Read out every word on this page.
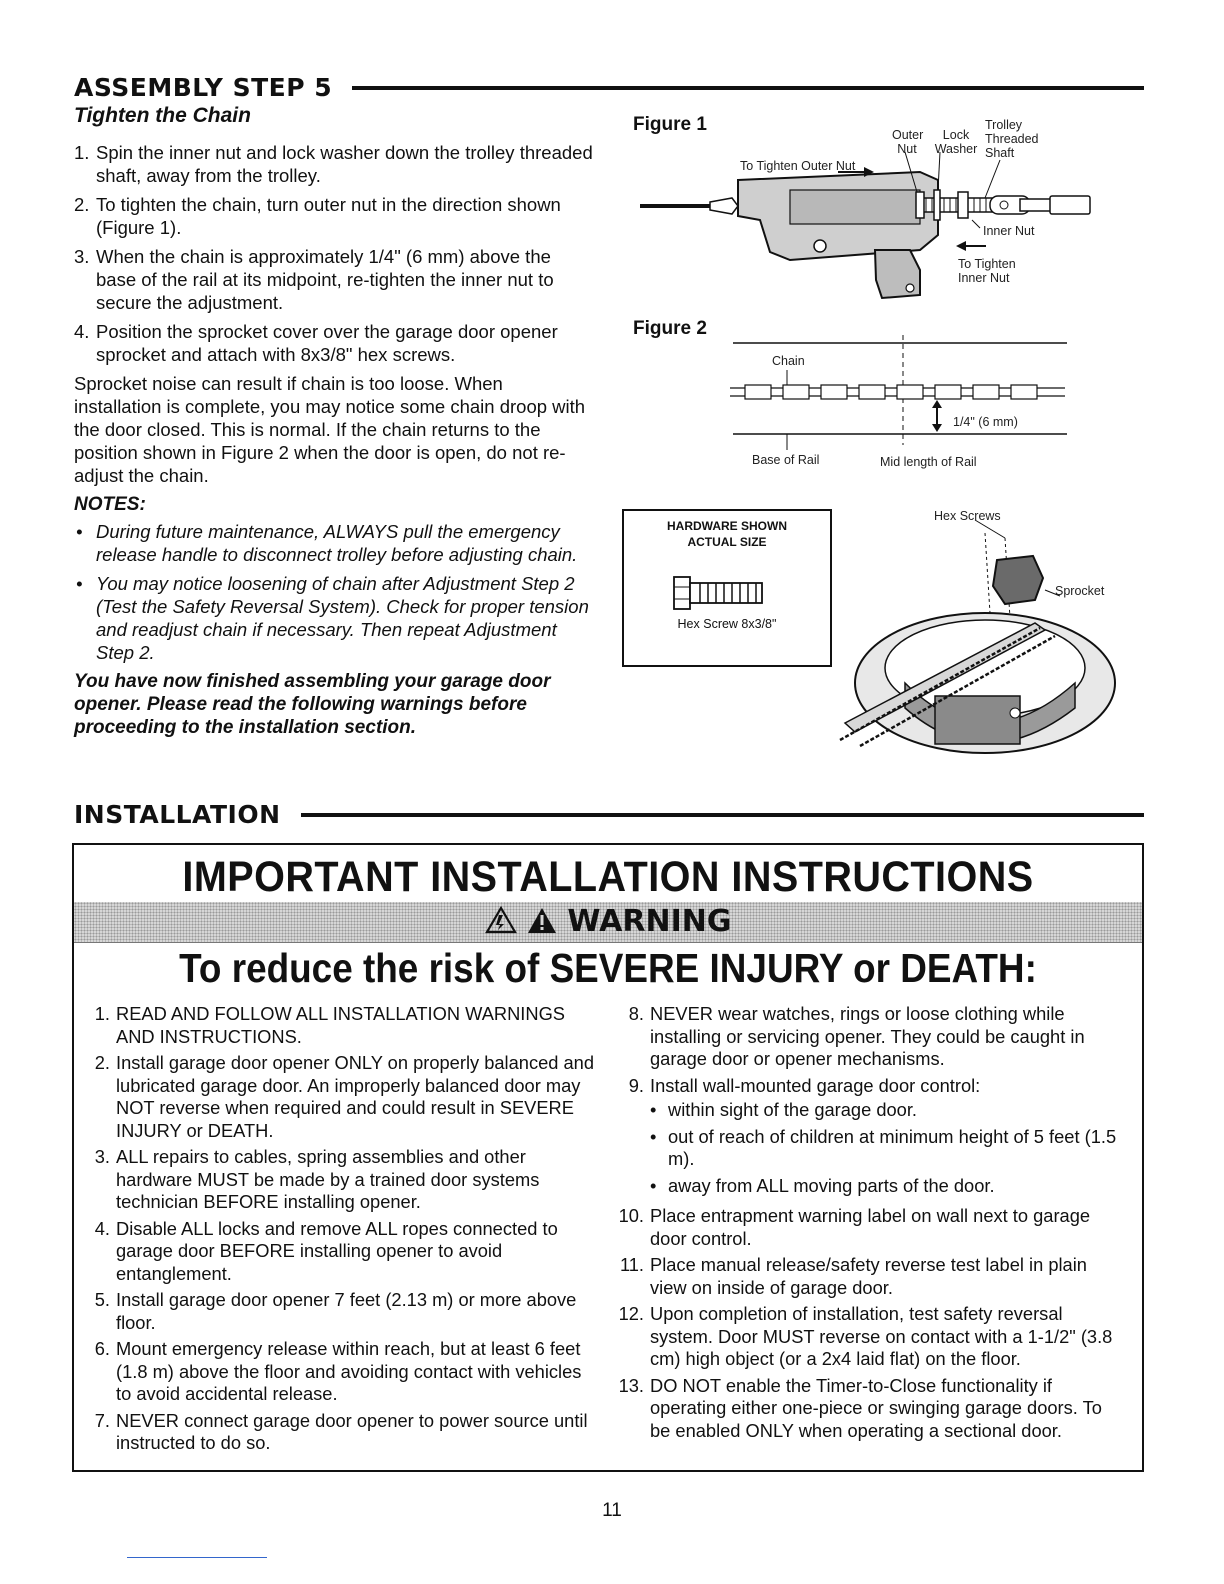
ASSEMBLY STEP 5
Tighten the Chain
1. Spin the inner nut and lock washer down the trolley threaded shaft, away from the trolley.
2. To tighten the chain, turn outer nut in the direction shown (Figure 1).
3. When the chain is approximately 1/4" (6 mm) above the base of the rail at its midpoint, re-tighten the inner nut to secure the adjustment.
4. Position the sprocket cover over the garage door opener sprocket and attach with 8x3/8" hex screws.
Sprocket noise can result if chain is too loose. When installation is complete, you may notice some chain droop with the door closed. This is normal. If the chain returns to the position shown in Figure 2 when the door is open, do not re-adjust the chain.
NOTES:
• During future maintenance, ALWAYS pull the emergency release handle to disconnect trolley before adjusting chain.
• You may notice loosening of chain after Adjustment Step 2 (Test the Safety Reversal System). Check for proper tension and readjust chain if necessary. Then repeat Adjustment Step 2.
You have now finished assembling your garage door opener. Please read the following warnings before proceeding to the installation section.
Figure 1
To Tighten Outer Nut
Outer Nut
Lock Washer
Trolley Threaded Shaft
Inner Nut
To Tighten Inner Nut
Figure 2
Chain
1/4" (6 mm)
Base of Rail	Mid length of Rail
HARDWARE SHOWN
ACTUAL SIZE
Hex Screw 8x3/8"
Hex Screws
Sprocket
INSTALLATION
IMPORTANT INSTALLATION INSTRUCTIONS
WARNING
To reduce the risk of SEVERE INJURY or DEATH:
1. READ AND FOLLOW ALL INSTALLATION WARNINGS AND INSTRUCTIONS.
2. Install garage door opener ONLY on properly balanced and lubricated garage door. An improperly balanced door may NOT reverse when required and could result in SEVERE INJURY or DEATH.
3. ALL repairs to cables, spring assemblies and other hardware MUST be made by a trained door systems technician BEFORE installing opener.
4. Disable ALL locks and remove ALL ropes connected to garage door BEFORE installing opener to avoid entanglement.
5. Install garage door opener 7 feet (2.13 m) or more above floor.
6. Mount emergency release within reach, but at least 6 feet (1.8 m) above the floor and avoiding contact with vehicles to avoid accidental release.
7. NEVER connect garage door opener to power source until instructed to do so.
8. NEVER wear watches, rings or loose clothing while installing or servicing opener. They could be caught in garage door or opener mechanisms.
9. Install wall-mounted garage door control:
• within sight of the garage door.
• out of reach of children at minimum height of 5 feet (1.5 m).
• away from ALL moving parts of the door.
10. Place entrapment warning label on wall next to garage door control.
11. Place manual release/safety reverse test label in plain view on inside of garage door.
12. Upon completion of installation, test safety reversal system. Door MUST reverse on contact with a 1-1/2" (3.8 cm) high object (or a 2x4 laid flat) on the floor.
13. DO NOT enable the Timer-to-Close functionality if operating either one-piece or swinging garage doors. To be enabled ONLY when operating a sectional door.
11
